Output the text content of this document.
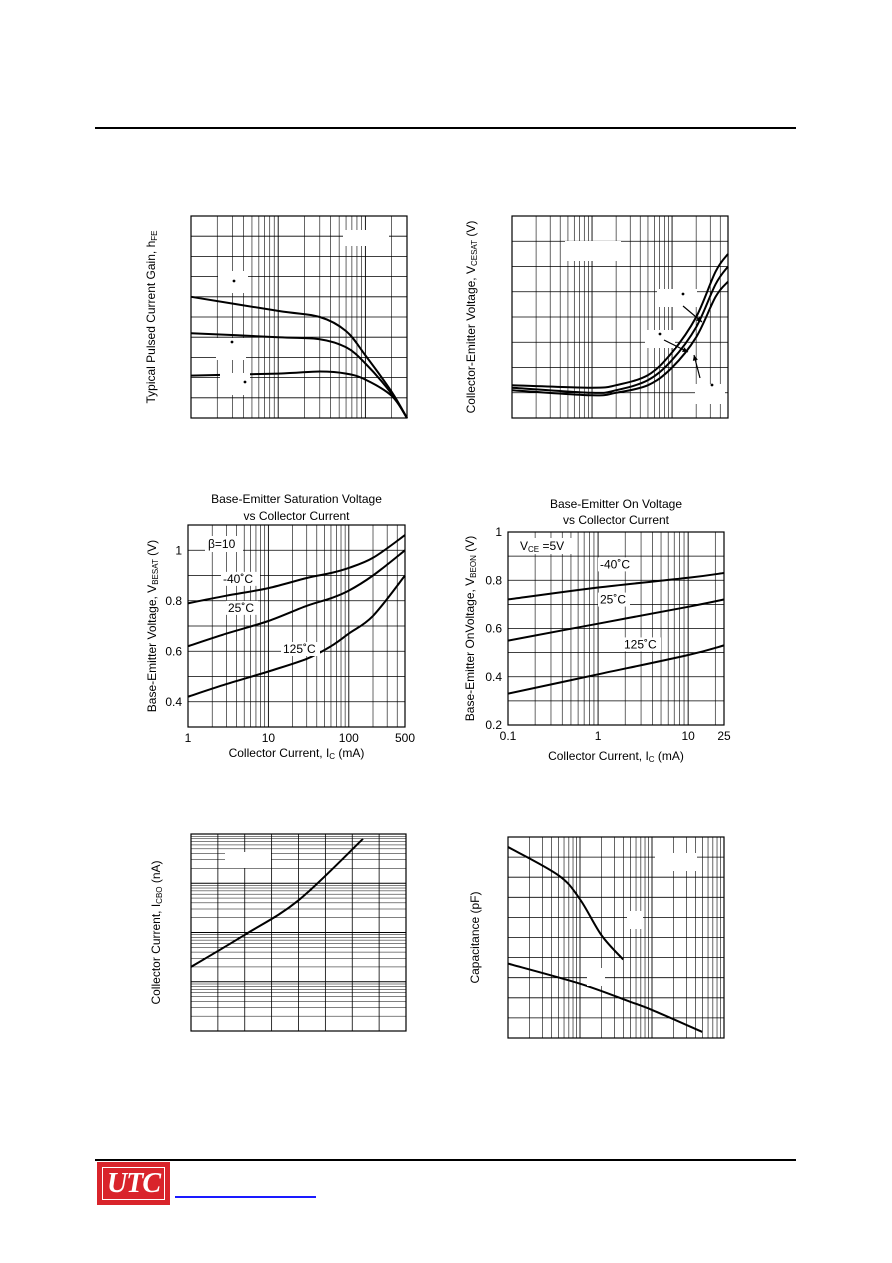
Typical Pulsed Current Gain, hFE
Collector-Emitter Voltage, VCESAT (V)
Base-Emitter Saturation Voltage
vs Collector Current
1	10	100	500
0.4
0.6
0.8
1
Collector Current, IC (mA)
Base-Emitter Voltage, VBESAT (V)	β=10
-40˚C
25˚C
125˚C
Base-Emitter On Voltage
vs Collector Current
0.1	1	10 25
0.2
0.4
0.6
0.8
1
Collector Current, IC (mA)
Base-Emitter OnVoltage, VBEON (V)	VCE =5V
-40˚C
25˚C
125˚C
Collector Current, ICBO (nA)
Capacitance (pF)
UTC
